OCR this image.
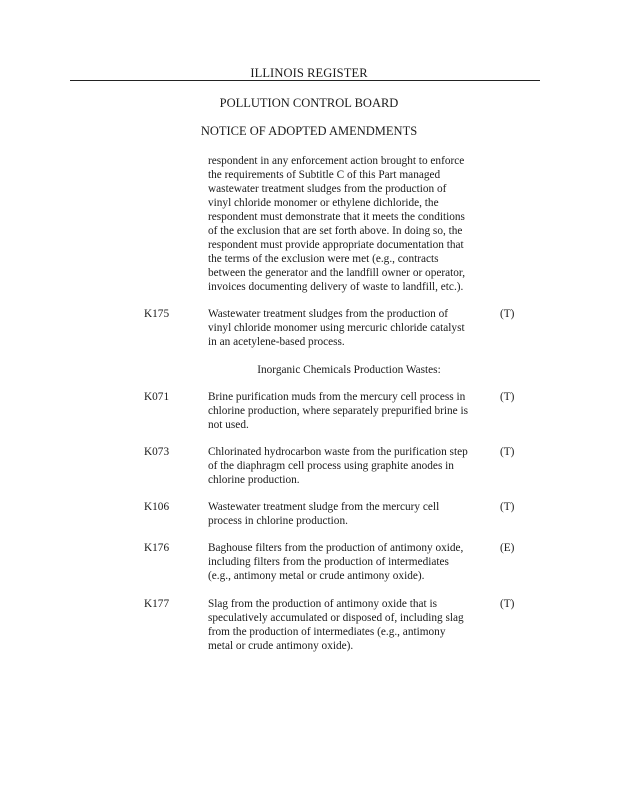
ILLINOIS REGISTER
POLLUTION CONTROL BOARD
NOTICE OF ADOPTED AMENDMENTS
respondent in any enforcement action brought to enforce
the requirements of Subtitle C of this Part managed
wastewater treatment sludges from the production of
vinyl chloride monomer or ethylene dichloride, the
respondent must demonstrate that it meets the conditions
of the exclusion that are set forth above. In doing so, the
respondent must provide appropriate documentation that
the terms of the exclusion were met (e.g., contracts
between the generator and the landfill owner or operator,
invoices documenting delivery of waste to landfill, etc.).
K175	Wastewater treatment sludges from the production of
vinyl chloride monomer using mercuric chloride catalyst
in an acetylene-based process.
(T)
Inorganic Chemicals Production Wastes:
K071	Brine purification muds from the mercury cell process in
chlorine production, where separately prepurified brine is
not used.
(T)
K073	Chlorinated hydrocarbon waste from the purification step
of the diaphragm cell process using graphite anodes in
chlorine production.
(T)
K106	Wastewater treatment sludge from the mercury cell
process in chlorine production.
(T)
K176	Baghouse filters from the production of antimony oxide,
including filters from the production of intermediates
(e.g., antimony metal or crude antimony oxide).
(E)
K177	Slag from the production of antimony oxide that is
speculatively accumulated or disposed of, including slag
from the production of intermediates (e.g., antimony
metal or crude antimony oxide).
(T)
